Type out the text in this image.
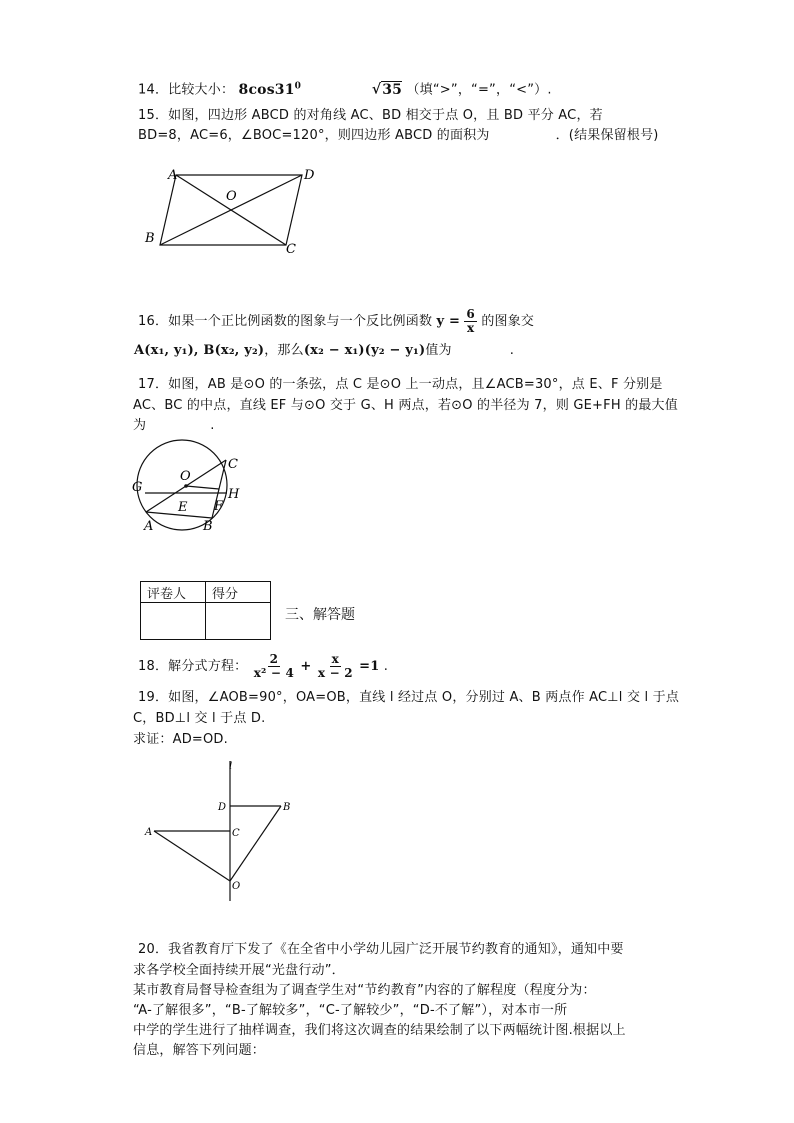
14．比较大小： $8\cos 31^0$	√35 （填“>”，“=”，“<”）.
15．如图，四边形 ABCD 的对角线 AC、BD 相交于点 O，且 BD 平分 AC，若
BD=8，AC=6，∠BOC=120°，则四边形 ABCD 的面积为	．(结果保留根号)
A	D
O
B
C
16．如果一个正比例函数的图象与一个反比例函数 $y = \frac{6}{x}$ 的图象交
A(x₁, y₁), B(x₂, y₂)，那么(x₂ − x₁)(y₂ − y₁)值为	.
17．如图，AB 是⊙O 的一条弦，点 C 是⊙O 上一动点，且∠ACB=30°，点 E、F 分别是
AC、BC 的中点，直线 EF 与⊙O 交于 G、H 两点，若⊙O 的半径为 7，则 GE+FH 的最大值
为	.
O
C
G	H
E F
A	B
评卷人	得分

三、解答题
18．解分式方程： $\frac{2}{\text{x² − 4}} + \frac{x}{x - 2} =1$ .
19．如图，∠AOB=90°，OA=OB，直线 l 经过点 O，分别过 A、B 两点作 AC⊥l 交 l 于点
C，BD⊥l 交 l 于点 D.
求证：AD=OD.
l
D	B
A	C
O
20．我省教育厅下发了《在全省中小学幼儿园广泛开展节约教育的通知》，通知中要
求各学校全面持续开展“光盘行动”．
某市教育局督导检查组为了调查学生对“节约教育”内容的了解程度（程度分为：
“A-了解很多”，“B-了解较多”，“C-了解较少”，“D-不了解”），对本市一所
中学的学生进行了抽样调查，我们将这次调查的结果绘制了以下两幅统计图.根据以上
信息，解答下列问题：
